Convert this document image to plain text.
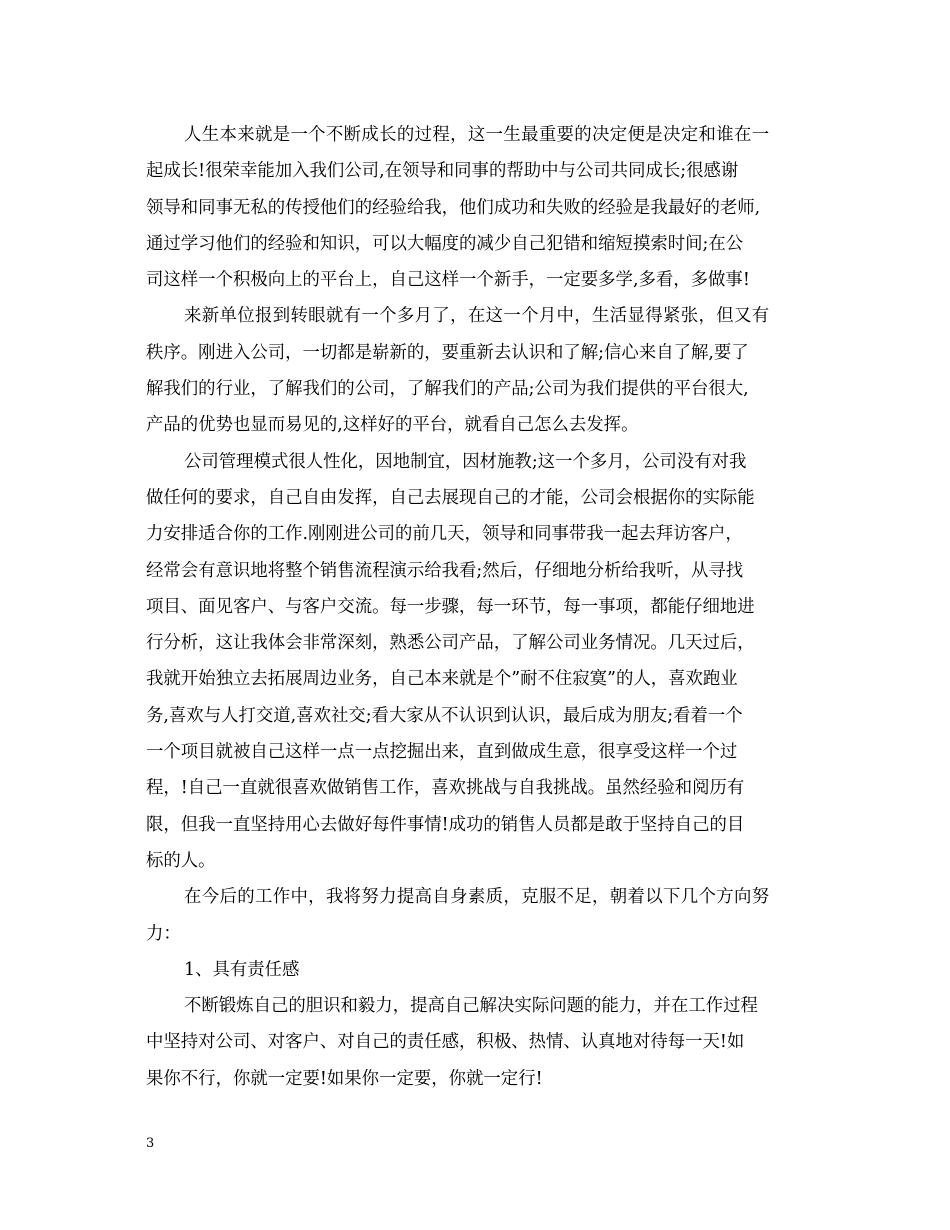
人生本来就是一个不断成长的过程，这一生最重要的决定便是决定和谁在一
起成长!很荣幸能加入我们公司,在领导和同事的帮助中与公司共同成长;很感谢
领导和同事无私的传授他们的经验给我，他们成功和失败的经验是我最好的老师,
通过学习他们的经验和知识，可以大幅度的减少自己犯错和缩短摸索时间;在公
司这样一个积极向上的平台上，自己这样一个新手，一定要多学,多看，多做事!
来新单位报到转眼就有一个多月了，在这一个月中，生活显得紧张，但又有
秩序。刚进入公司，一切都是崭新的，要重新去认识和了解;信心来自了解,要了
解我们的行业，了解我们的公司，了解我们的产品;公司为我们提供的平台很大,
产品的优势也显而易见的,这样好的平台，就看自己怎么去发挥。
公司管理模式很人性化，因地制宜，因材施教;这一个多月，公司没有对我
做任何的要求，自己自由发挥，自己去展现自己的才能，公司会根据你的实际能
力安排适合你的工作.刚刚进公司的前几天，领导和同事带我一起去拜访客户，
经常会有意识地将整个销售流程演示给我看;然后，仔细地分析给我听，从寻找
项目、面见客户、与客户交流。每一步骤，每一环节，每一事项，都能仔细地进
行分析，这让我体会非常深刻，熟悉公司产品，了解公司业务情况。几天过后，
我就开始独立去拓展周边业务，自己本来就是个”耐不住寂寞”的人，喜欢跑业
务,喜欢与人打交道,喜欢社交;看大家从不认识到认识，最后成为朋友;看着一个
一个项目就被自己这样一点一点挖掘出来，直到做成生意，很享受这样一个过
程，!自己一直就很喜欢做销售工作，喜欢挑战与自我挑战。虽然经验和阅历有
限，但我一直坚持用心去做好每件事情!成功的销售人员都是敢于坚持自己的目
标的人。
在今后的工作中，我将努力提高自身素质，克服不足，朝着以下几个方向努
力：
1、具有责任感
不断锻炼自己的胆识和毅力，提高自己解决实际问题的能力，并在工作过程
中坚持对公司、对客户、对自己的责任感，积极、热情、认真地对待每一天!如
果你不行，你就一定要!如果你一定要，你就一定行!
3
